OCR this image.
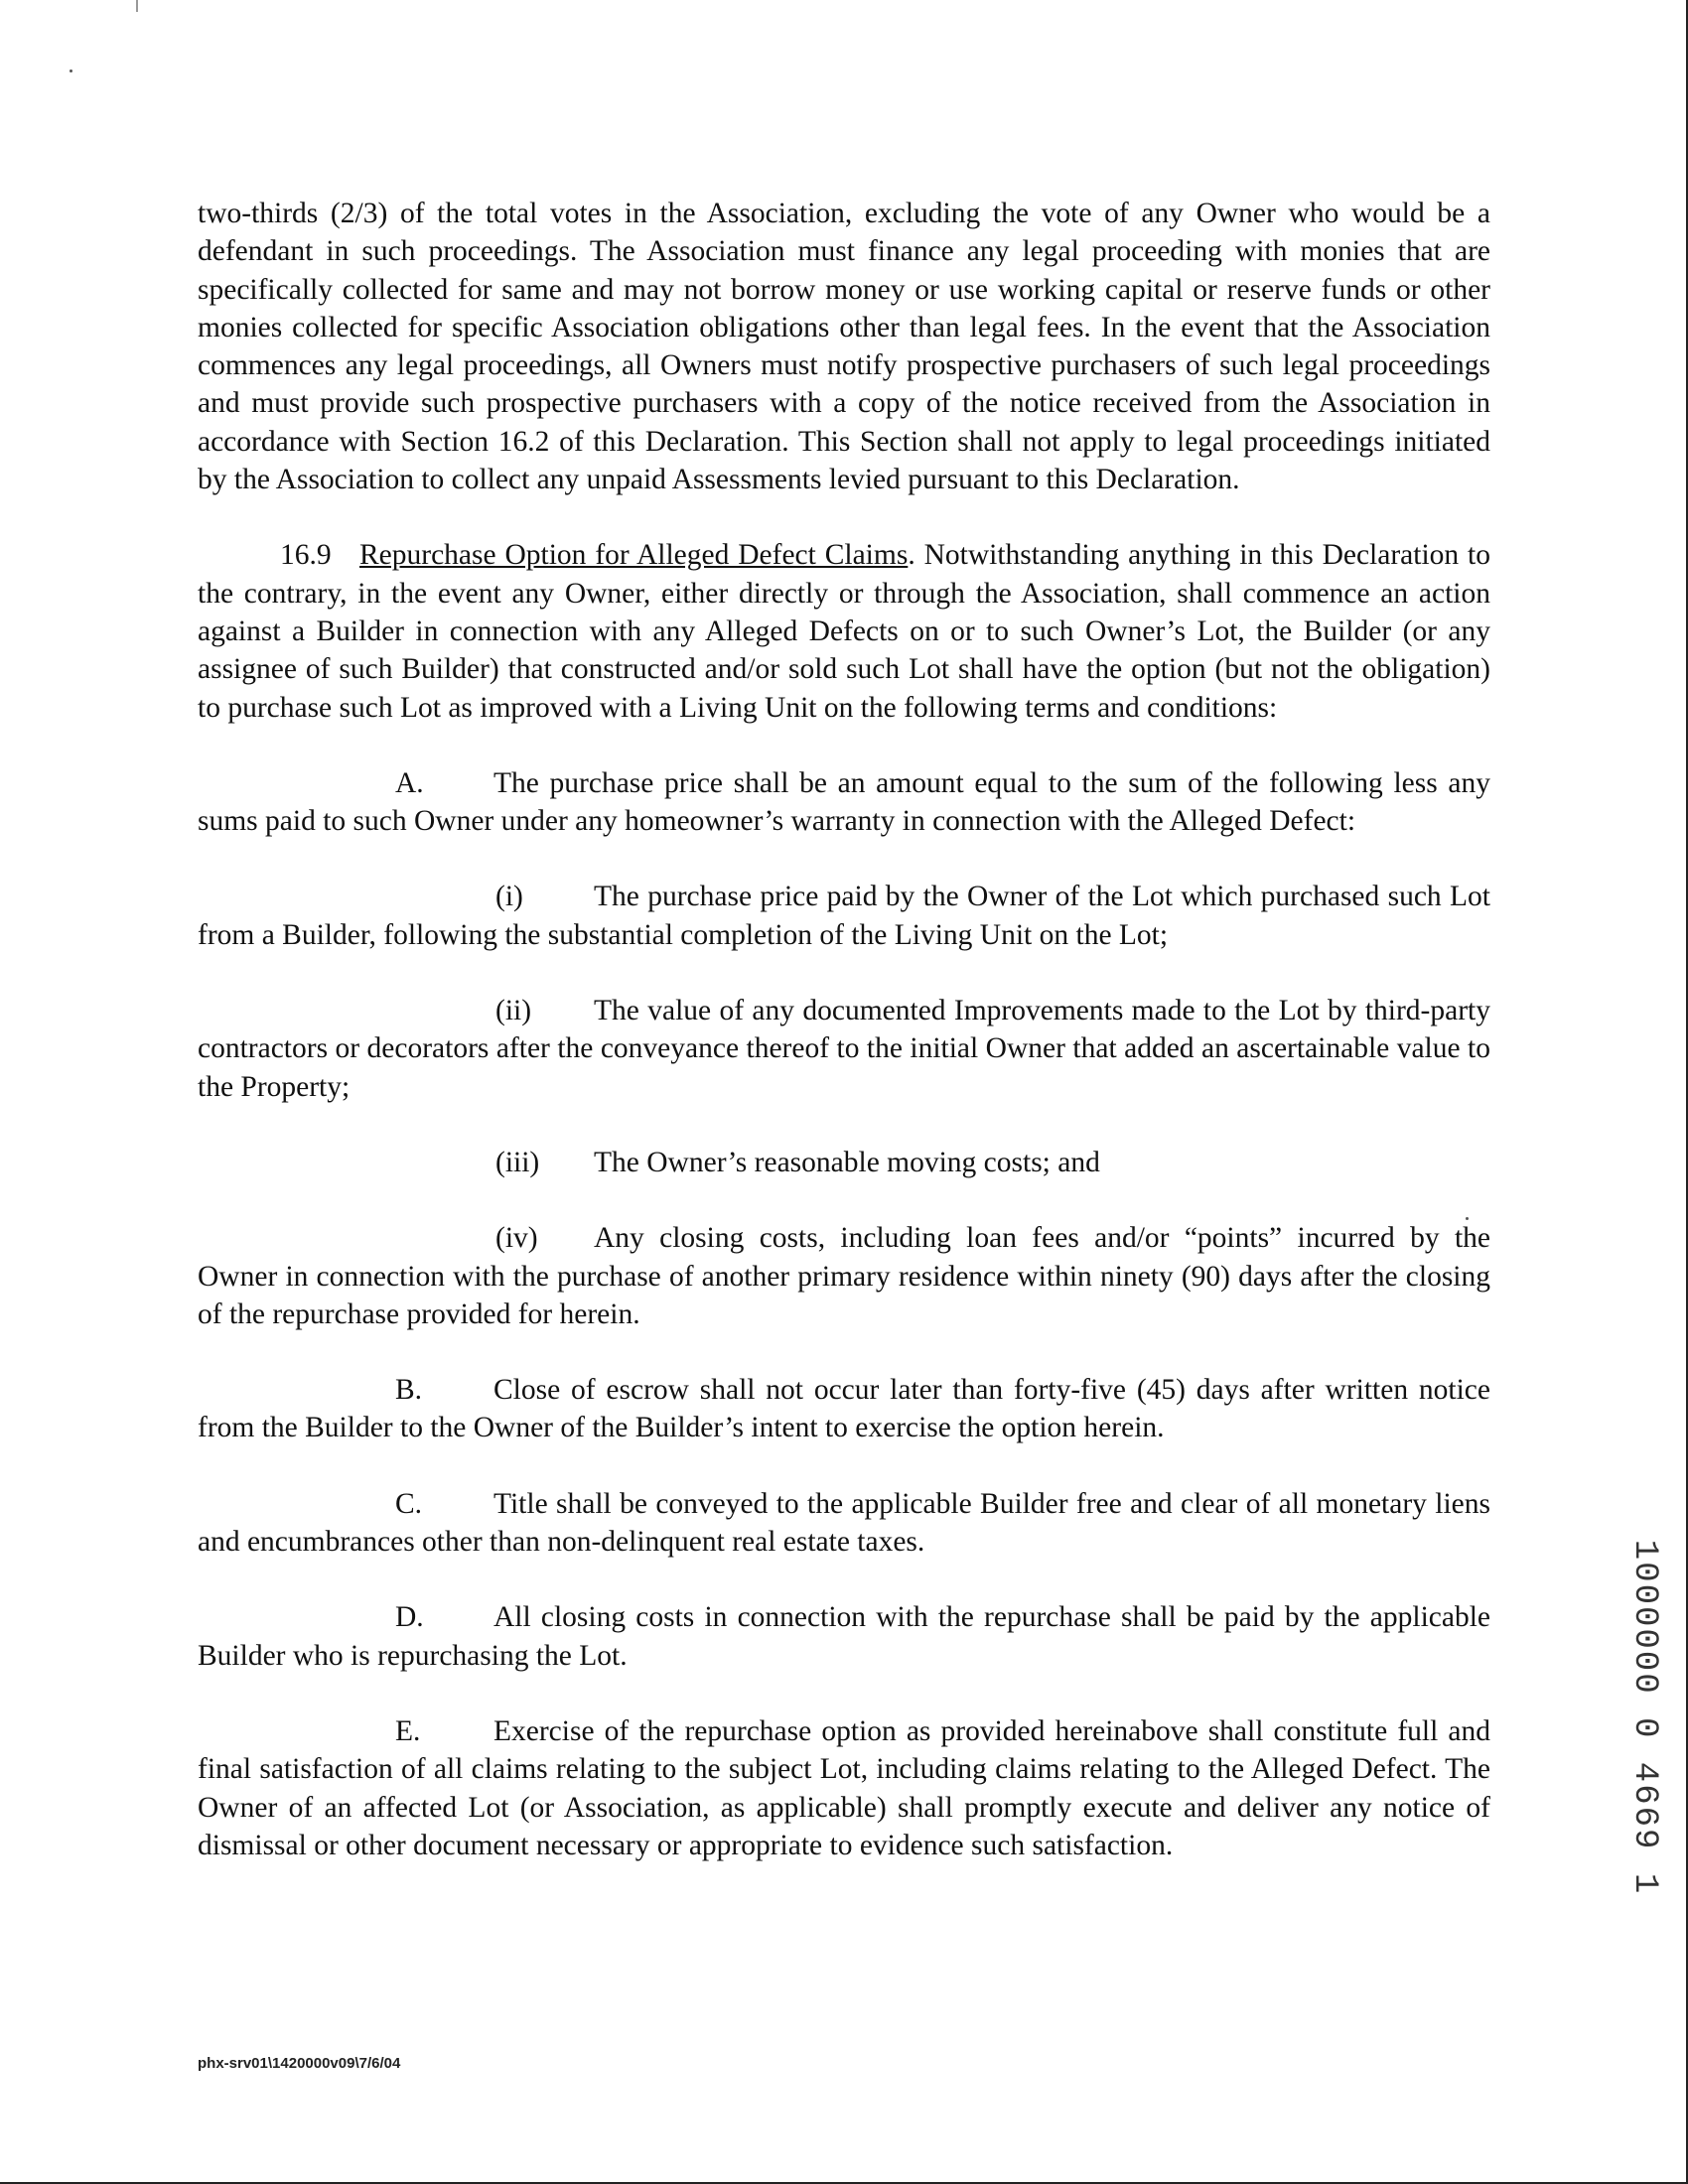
two-thirds (2/3) of the total votes in the Association, excluding the vote of any Owner who would be a defendant in such proceedings. The Association must finance any legal proceeding with monies that are specifically collected for same and may not borrow money or use working capital or reserve funds or other monies collected for specific Association obligations other than legal fees. In the event that the Association commences any legal proceedings, all Owners must notify prospective purchasers of such legal proceedings and must provide such prospective purchasers with a copy of the notice received from the Association in accordance with Section 16.2 of this Declaration. This Section shall not apply to legal proceedings initiated by the Association to collect any unpaid Assessments levied pursuant to this Declaration.

16.9 Repurchase Option for Alleged Defect Claims. Notwithstanding anything in this Declaration to the contrary, in the event any Owner, either directly or through the Association, shall commence an action against a Builder in connection with any Alleged Defects on or to such Owner’s Lot, the Builder (or any assignee of such Builder) that constructed and/or sold such Lot shall have the option (but not the obligation) to purchase such Lot as improved with a Living Unit on the following terms and conditions:

A. The purchase price shall be an amount equal to the sum of the following less any sums paid to such Owner under any homeowner’s warranty in connection with the Alleged Defect:

(i) The purchase price paid by the Owner of the Lot which purchased such Lot from a Builder, following the substantial completion of the Living Unit on the Lot;

(ii) The value of any documented Improvements made to the Lot by third-party contractors or decorators after the conveyance thereof to the initial Owner that added an ascertainable value to the Property;

(iii) The Owner’s reasonable moving costs; and

(iv) Any closing costs, including loan fees and/or “points” incurred by the Owner in connection with the purchase of another primary residence within ninety (90) days after the closing of the repurchase provided for herein.

B. Close of escrow shall not occur later than forty-five (45) days after written notice from the Builder to the Owner of the Builder’s intent to exercise the option herein.

C. Title shall be conveyed to the applicable Builder free and clear of all monetary liens and encumbrances other than non-delinquent real estate taxes.

D. All closing costs in connection with the repurchase shall be paid by the applicable Builder who is repurchasing the Lot.

E. Exercise of the repurchase option as provided hereinabove shall constitute full and final satisfaction of all claims relating to the subject Lot, including claims relating to the Alleged Defect. The Owner of an affected Lot (or Association, as applicable) shall promptly execute and deliver any notice of dismissal or other document necessary or appropriate to evidence such satisfaction.	1000000 0 4669 1
phx-srv01\1420000v09\7/6/04
